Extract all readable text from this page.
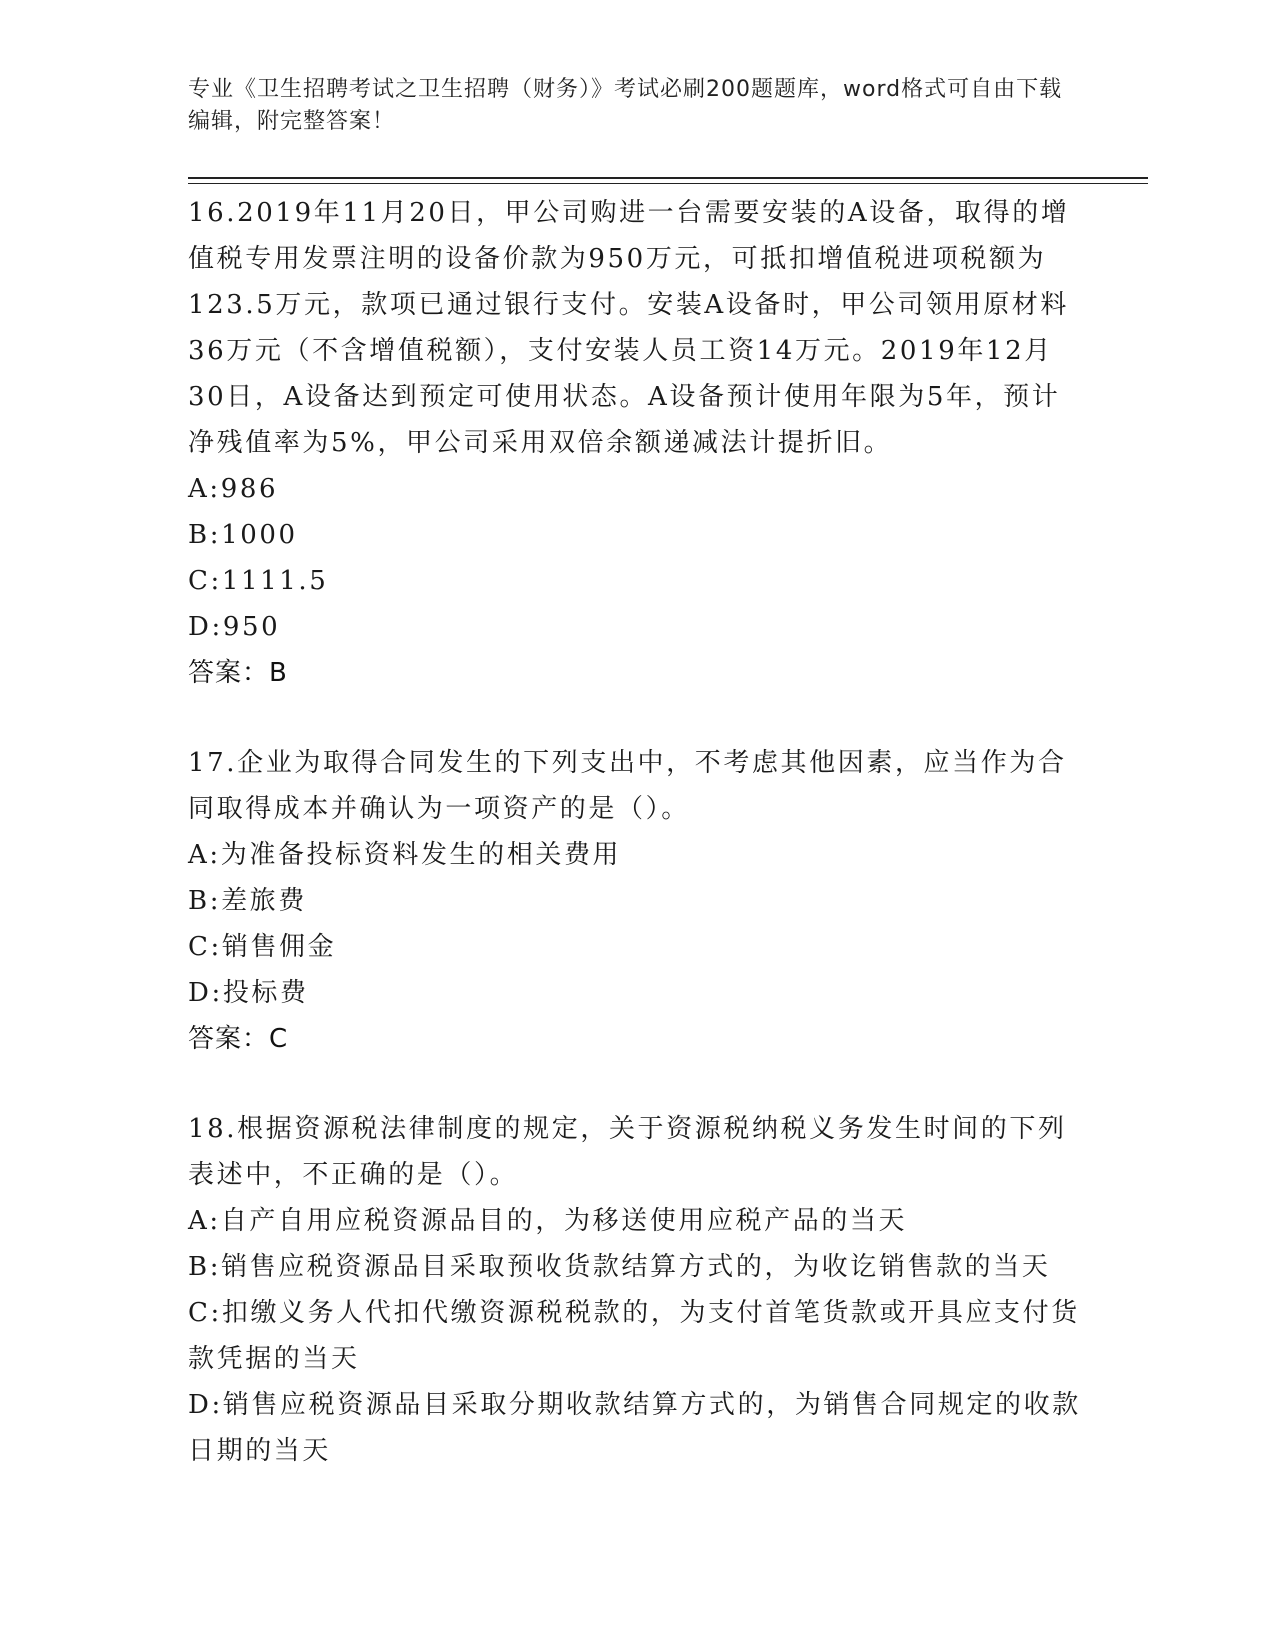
专业《卫生招聘考试之卫生招聘（财务）》考试必刷200题题库，word格式可自由下载编辑，附完整答案！

16.2019年11月20日，甲公司购进一台需要安装的A设备，取得的增值税专用发票注明的设备价款为950万元，可抵扣增值税进项税额为123.5万元，款项已通过银行支付。安装A设备时，甲公司领用原材料36万元（不含增值税额），支付安装人员工资14万元。2019年12月30日，A设备达到预定可使用状态。A设备预计使用年限为5年，预计净残值率为5%，甲公司采用双倍余额递减法计提折旧。

A: 986
B: 1000
C: 1111.5
D: 950

答案：B

17.企业为取得合同发生的下列支出中，不考虑其他因素，应当作为合同取得成本并确认为一项资产的是（）。

A: 为准备投标资料发生的相关费用
B: 差旅费
C: 销售佣金
D: 投标费

答案：C

18.根据资源税法律制度的规定，关于资源税纳税义务发生时间的下列表述中，不正确的是（）。

A: 自产自用应税资源品目的，为移送使用应税产品的当天
B: 销售应税资源品目采取预收货款结算方式的，为收讫销售款的当天
C:扣缴义务人代扣代缴资源税税款的，为支付首笔货款或开具应支付货款凭据的当天
D:销售应税资源品目采取分期收款结算方式的，为销售合同规定的收款日期的当天
